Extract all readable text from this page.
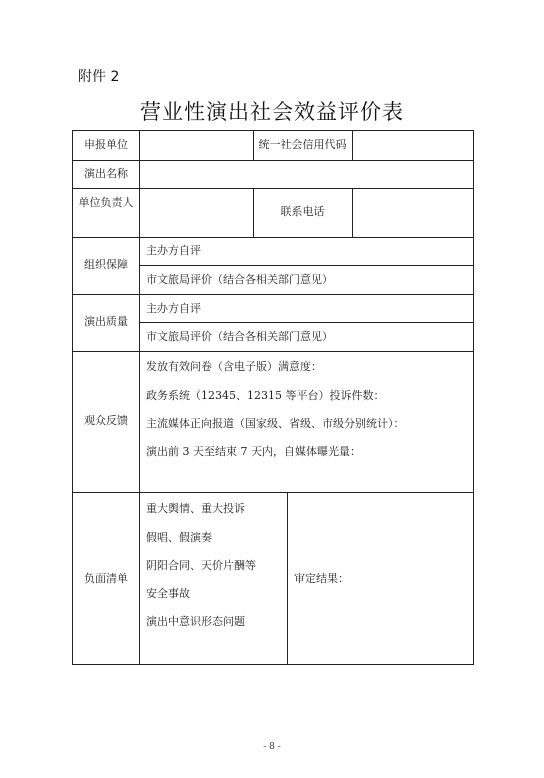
附件 2
营业性演出社会效益评价表
申报单位	统一社会信用代码
演出名称
单位负责人
联系电话
组织保障
主办方自评
市文旅局评价（结合各相关部门意见）
演出质量
主办方自评
市文旅局评价（结合各相关部门意见）
观众反馈
发放有效问卷（含电子版）满意度：
政务系统（12345、12315 等平台）投诉件数：
主流媒体正向报道（国家级、省级、市级分别统计）：
演出前 3 天至结束 7 天内，自媒体曝光量：
负面清单
重大舆情、重大投诉
假唱、假演奏
阴阳合同、天价片酬等
安全事故
演出中意识形态问题
审定结果：
- 8 -
